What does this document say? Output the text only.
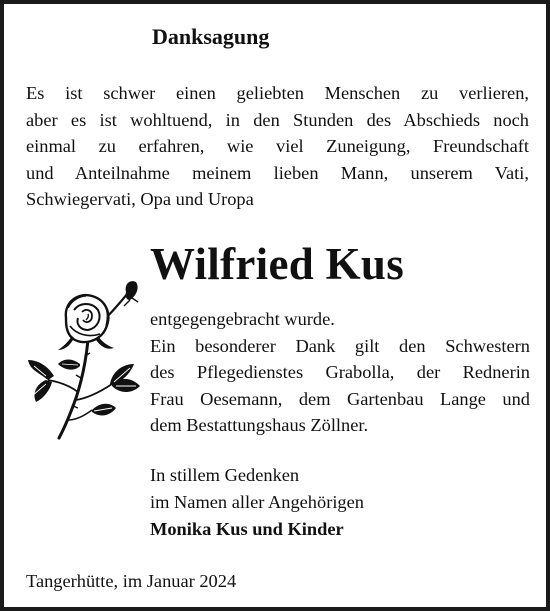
Danksagung
Es ist schwer einen geliebten Menschen zu verlieren,
aber es ist wohltuend, in den Stunden des Abschieds noch
einmal zu erfahren, wie viel Zuneigung, Freundschaft
und Anteilnahme meinem lieben Mann, unserem Vati,
Schwiegervati, Opa und Uropa
Wilfried Kus
entgegengebracht wurde.
Ein besonderer Dank gilt den Schwestern
des Pflegedienstes Grabolla, der Rednerin
Frau Oesemann, dem Gartenbau Lange und
dem Bestattungshaus Zöllner.
In stillem Gedenken
im Namen aller Angehörigen
Monika Kus und Kinder
Tangerhütte, im Januar 2024
